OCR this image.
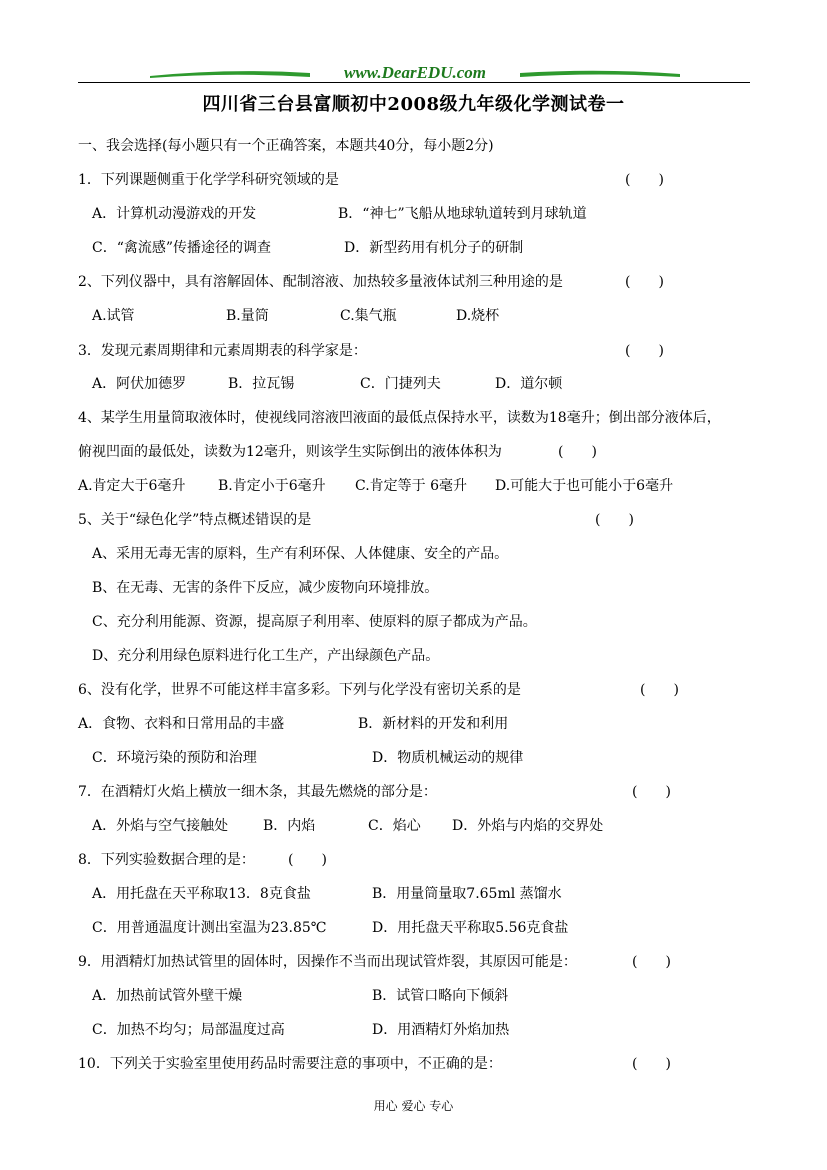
www.DearEDU.com
四川省三台县富顺初中2008级九年级化学测试卷一
一、我会选择(每小题只有一个正确答案，本题共40分，每小题2分)
1．下列课题侧重于化学学科研究领域的是	(　　)
A．计算机动漫游戏的开发	B．“神七”飞船从地球轨道转到月球轨道
C．“禽流感”传播途径的调查	D．新型药用有机分子的研制
2、下列仪器中，具有溶解固体、配制溶液、加热较多量液体试剂三种用途的是	(　　)
A.试管	B.量筒	C.集气瓶	D.烧杯
3．发现元素周期律和元素周期表的科学家是：	(　　)
A．阿伏加德罗	B．拉瓦锡	C．门捷列夫	D．道尔顿
4、某学生用量筒取液体时，使视线同溶液凹液面的最低点保持水平，读数为18毫升；倒出部分液体后，
俯视凹面的最低处，读数为12毫升，则该学生实际倒出的液体体积为	(　　)
A.肯定大于6毫升 B.肯定小于6毫升 C.肯定等于 6毫升 D.可能大于也可能小于6毫升
5、关于“绿色化学”特点概述错误的是	(　　)
A、采用无毒无害的原料，生产有利环保、人体健康、安全的产品。
B、在无毒、无害的条件下反应，减少废物向环境排放。
C、充分利用能源、资源，提高原子利用率、使原料的原子都成为产品。
D、充分利用绿色原料进行化工生产，产出绿颜色产品。
6、没有化学，世界不可能这样丰富多彩。下列与化学没有密切关系的是	(　　)
A．食物、衣料和日常用品的丰盛	B．新材料的开发和利用
C．环境污染的预防和治理	D．物质机械运动的规律
7．在酒精灯火焰上横放一细木条，其最先燃烧的部分是：	(　　)
A．外焰与空气接触处 B．内焰	C．焰心 D．外焰与内焰的交界处
8．下列实验数据合理的是： (　　)
A．用托盘在天平称取13．8克食盐	B．用量筒量取7.65ml 蒸馏水
C．用普通温度计测出室温为23.85℃	D．用托盘天平称取5.56克食盐
9．用酒精灯加热试管里的固体时，因操作不当而出现试管炸裂，其原因可能是：	(　　)
A．加热前试管外壁干燥	B．试管口略向下倾斜
C．加热不均匀；局部温度过高	D．用酒精灯外焰加热
10．下列关于实验室里使用药品时需要注意的事项中，不正确的是：	(　　)
用心 爱心 专心
